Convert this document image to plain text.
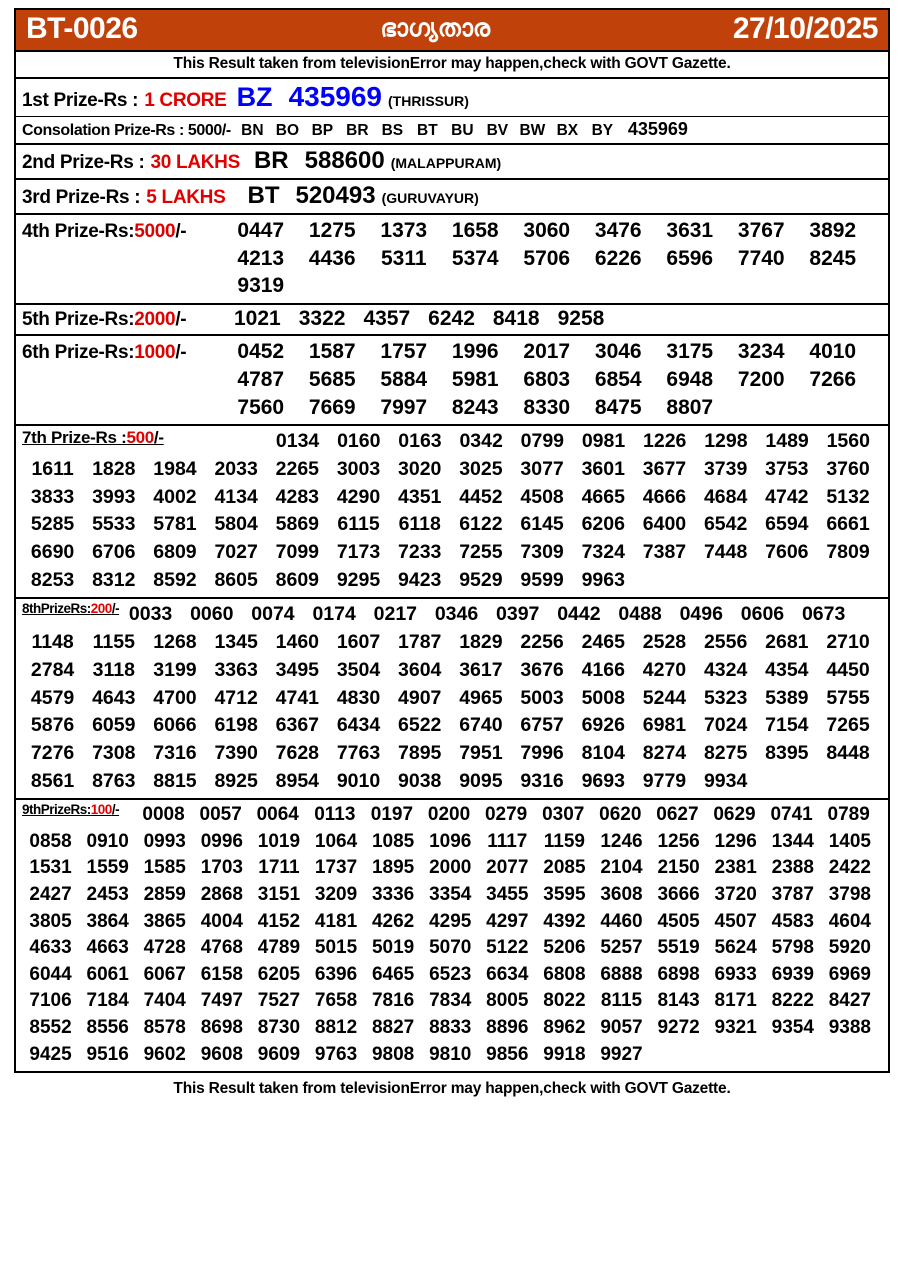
BT-0026	ഭാഗ്യതാര	27/10/2025
This Result taken from televisionError may happen,check with GOVT Gazette.
1st Prize-Rs : 1 CRORE BZ 435969 (THRISSUR)
Consolation Prize-Rs : 5000/- BN BO BP BR BS BT BU BV BW BX BY 435969
2nd Prize-Rs : 30 LAKHS BR 588600 (MALAPPURAM)
3rd Prize-Rs : 5 LAKHS BT 520493 (GURUVAYUR)
4th Prize-Rs:5000/-	0447	1275	1373	1658	3060	3476	3631	3767	3892
4213	4436	5311	5374	5706	6226	6596	7740	8245
9319
5th Prize-Rs:2000/-	1021 3322 4357 6242 8418 9258
6th Prize-Rs:1000/-	0452	1587	1757	1996	2017	3046	3175	3234	4010
4787	5685	5884	5981	6803	6854	6948	7200	7266
7560	7669	7997	8243	8330	8475	8807
7th Prize-Rs :500/-	0134 0160 0163 0342 0799 0981 1226 1298 1489 1560
1611 1828 1984 2033 2265 3003 3020 3025 3077 3601 3677 3739 3753 3760
3833 3993 4002 4134 4283 4290 4351 4452 4508 4665 4666 4684 4742 5132
5285 5533 5781 5804 5869 6115 6118 6122 6145 6206 6400 6542 6594 6661
6690 6706 6809 7027 7099 7173 7233 7255 7309 7324 7387 7448 7606 7809
8253 8312 8592 8605 8609 9295 9423 9529 9599 9963
8thPrizeRs:200/- 0033 0060 0074 0174 0217 0346 0397 0442 0488 0496 0606 0673
1148 1155 1268 1345 1460 1607 1787 1829 2256 2465 2528 2556 2681 2710
2784 3118 3199 3363 3495 3504 3604 3617 3676 4166 4270 4324 4354 4450
4579 4643 4700 4712 4741 4830 4907 4965 5003 5008 5244 5323 5389 5755
5876 6059 6066 6198 6367 6434 6522 6740 6757 6926 6981 7024 7154 7265
7276 7308 7316 7390 7628 7763 7895 7951 7996 8104 8274 8275 8395 8448
8561 8763 8815 8925 8954 9010 9038 9095 9316 9693 9779 9934
9thPrizeRs:100/-	0008 0057 0064 0113 0197 0200 0279 0307 0620 0627 0629 0741 0789
0858 0910 0993 0996 1019 1064 1085 1096 1117 1159 1246 1256 1296 1344 1405
1531 1559 1585 1703 1711 1737 1895 2000 2077 2085 2104 2150 2381 2388 2422
2427 2453 2859 2868 3151 3209 3336 3354 3455 3595 3608 3666 3720 3787 3798
3805 3864 3865 4004 4152 4181 4262 4295 4297 4392 4460 4505 4507 4583 4604
4633 4663 4728 4768 4789 5015 5019 5070 5122 5206 5257 5519 5624 5798 5920
6044 6061 6067 6158 6205 6396 6465 6523 6634 6808 6888 6898 6933 6939 6969
7106 7184 7404 7497 7527 7658 7816 7834 8005 8022 8115 8143 8171 8222 8427
8552 8556 8578 8698 8730 8812 8827 8833 8896 8962 9057 9272 9321 9354 9388
9425 9516 9602 9608 9609 9763 9808 9810 9856 9918 9927
This Result taken from televisionError may happen,check with GOVT Gazette.
